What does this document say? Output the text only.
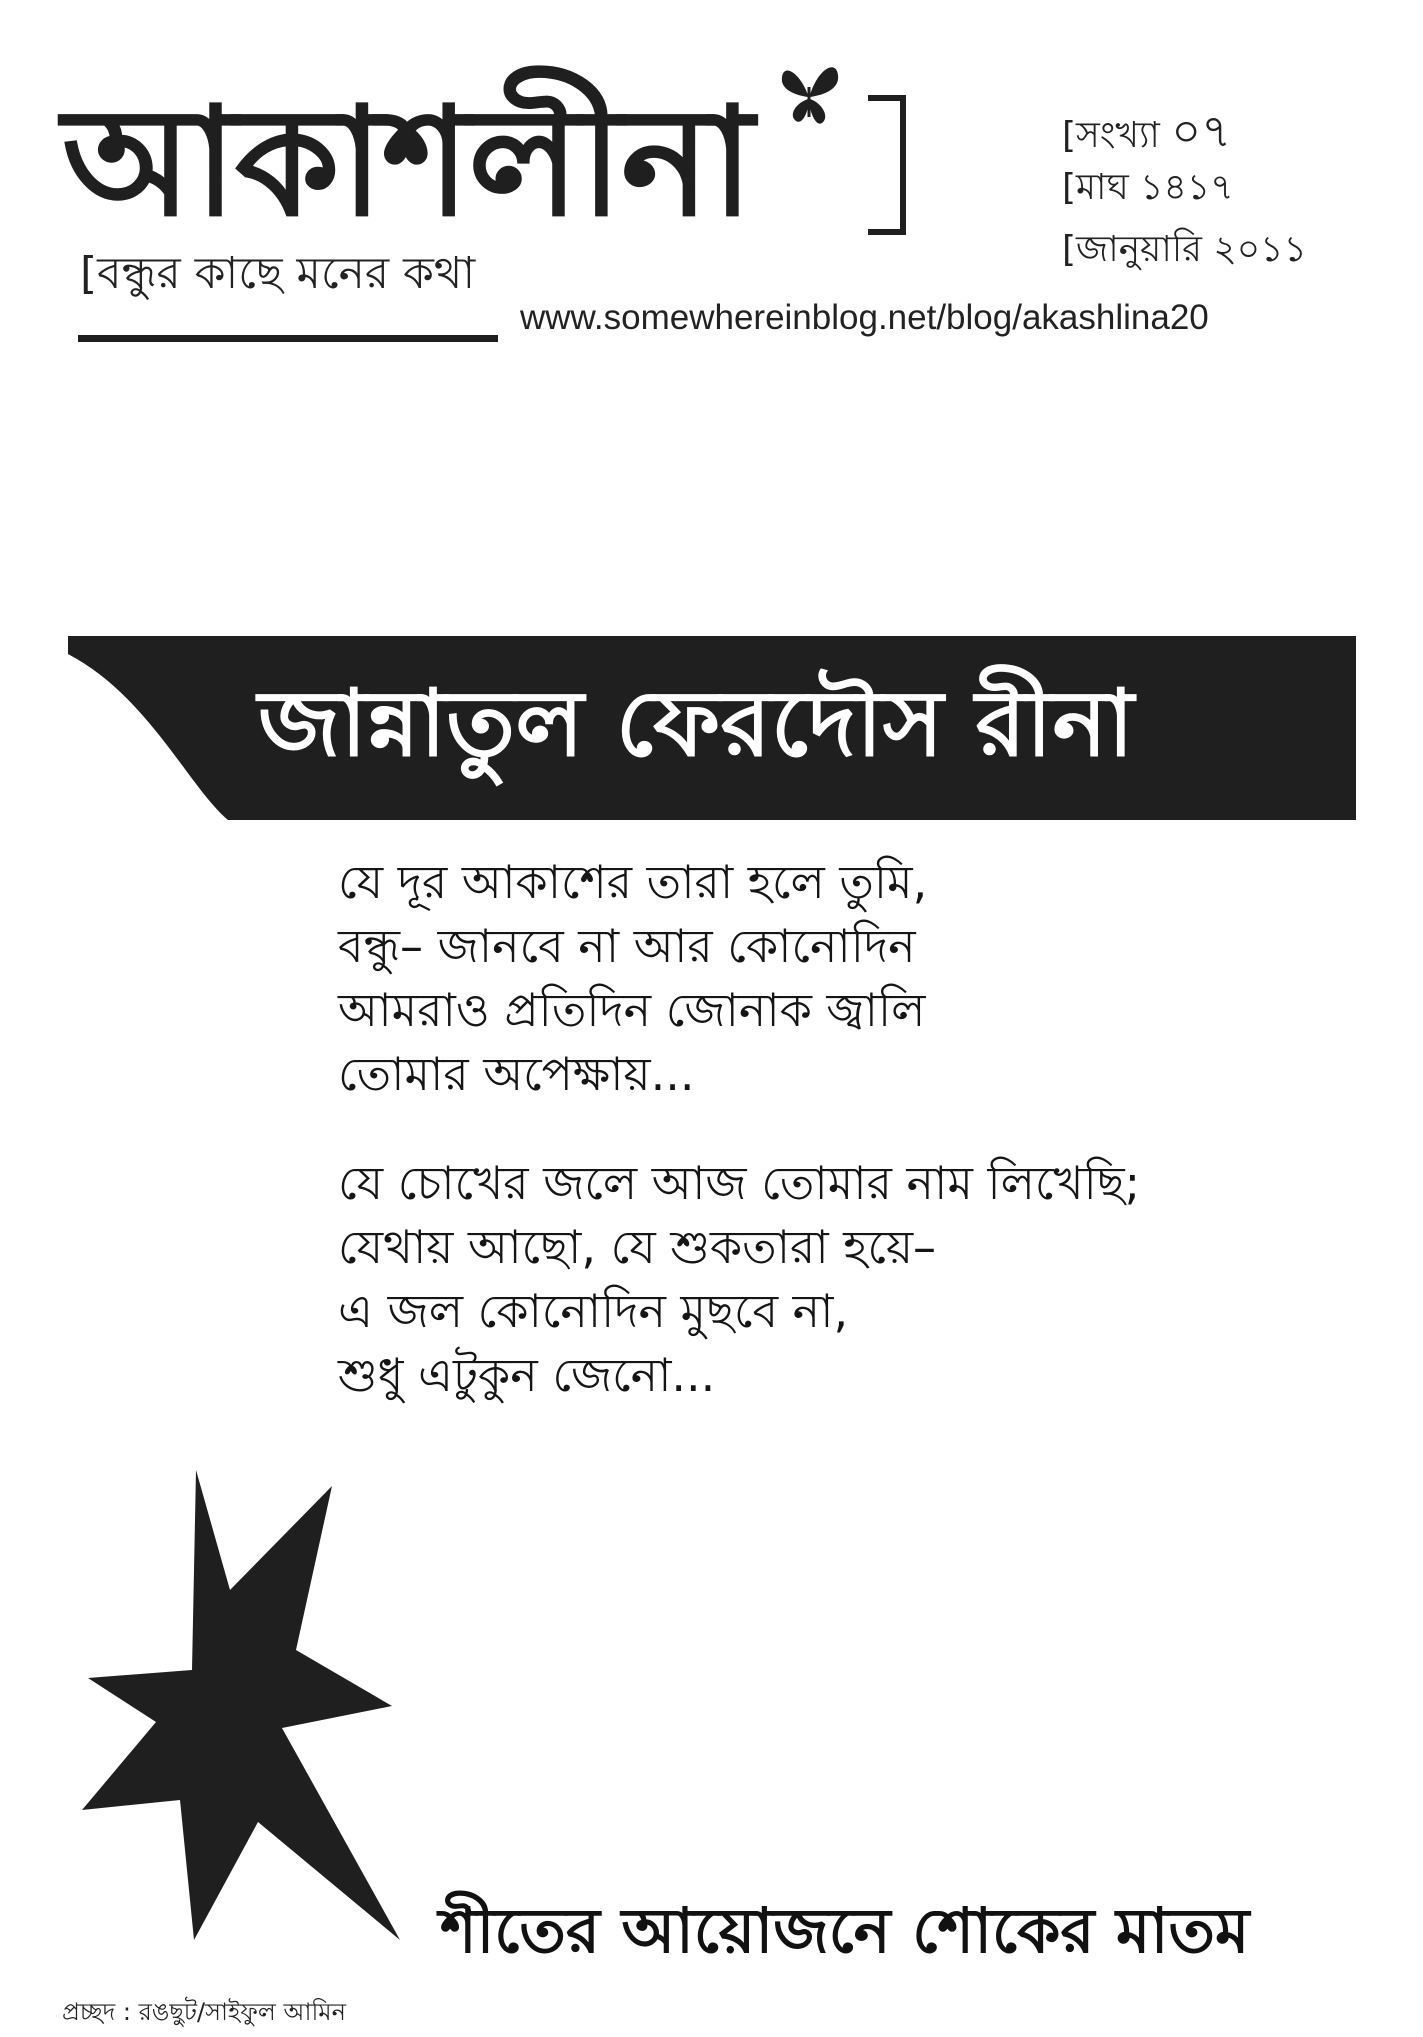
আকাশলীনা
[বন্ধুর কাছে মনের কথা
www.somewhereinblog.net/blog/akashlina20
[সংখ্যা ০৭
[মাঘ ১৪১৭
[জানুয়ারি ২০১১
জান্নাতুল ফেরদৌস রীনা
যে দূর আকাশের তারা হলে তুমি,
বন্ধু– জানবে না আর কোনোদিন
আমরাও প্রতিদিন জোনাক জ্বালি
তোমার অপেক্ষায়...
যে চোখের জলে আজ তোমার নাম লিখেছি;
যেথায় আছো, যে শুকতারা হয়ে–
এ জল কোনোদিন মুছবে না,
শুধু এটুকুন জেনো...
শীতের আয়োজনে শোকের মাতম
প্রচ্ছদ : রঙছুট/সাইফুল আমিন
